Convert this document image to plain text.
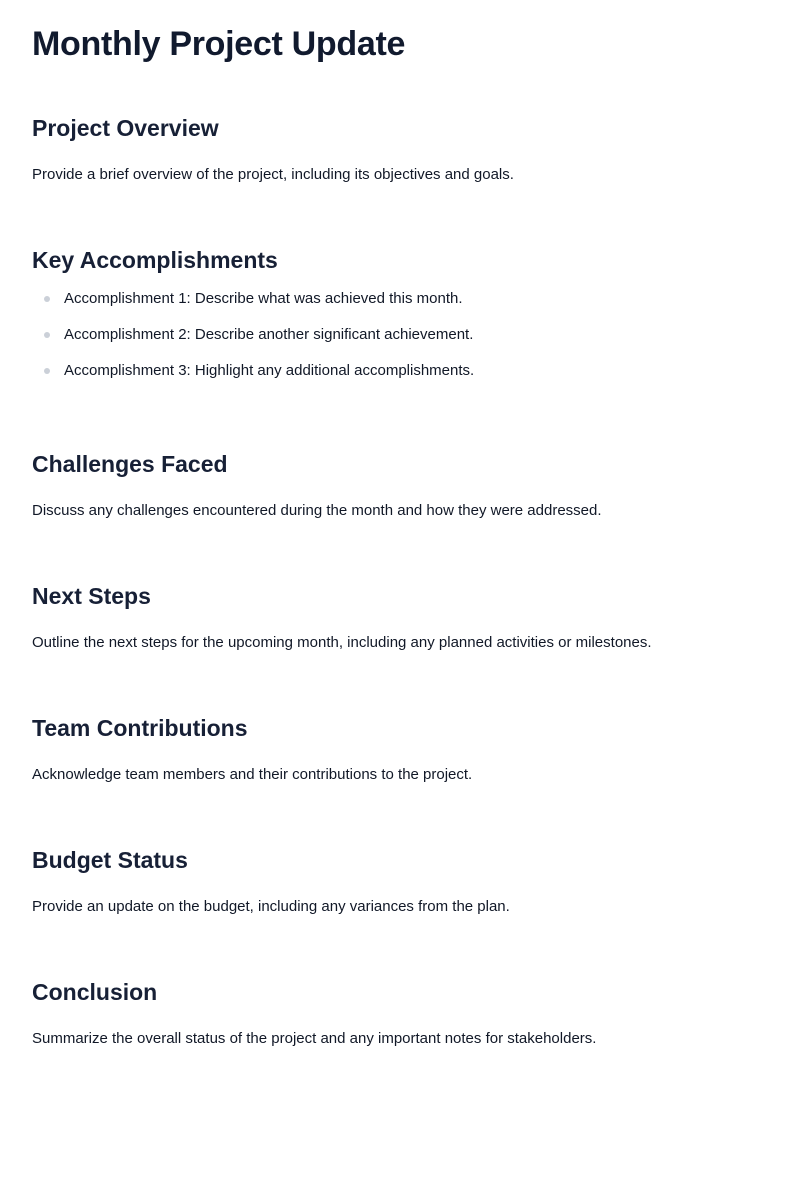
Monthly Project Update
Project Overview

Provide a brief overview of the project, including its objectives and goals.

Key Accomplishments
Accomplishment 1: Describe what was achieved this month.
Accomplishment 2: Describe another significant achievement.
Accomplishment 3: Highlight any additional accomplishments.
Challenges Faced

Discuss any challenges encountered during the month and how they were addressed.

Next Steps

Outline the next steps for the upcoming month, including any planned activities or milestones.

Team Contributions

Acknowledge team members and their contributions to the project.

Budget Status

Provide an update on the budget, including any variances from the plan.

Conclusion

Summarize the overall status of the project and any important notes for stakeholders.
